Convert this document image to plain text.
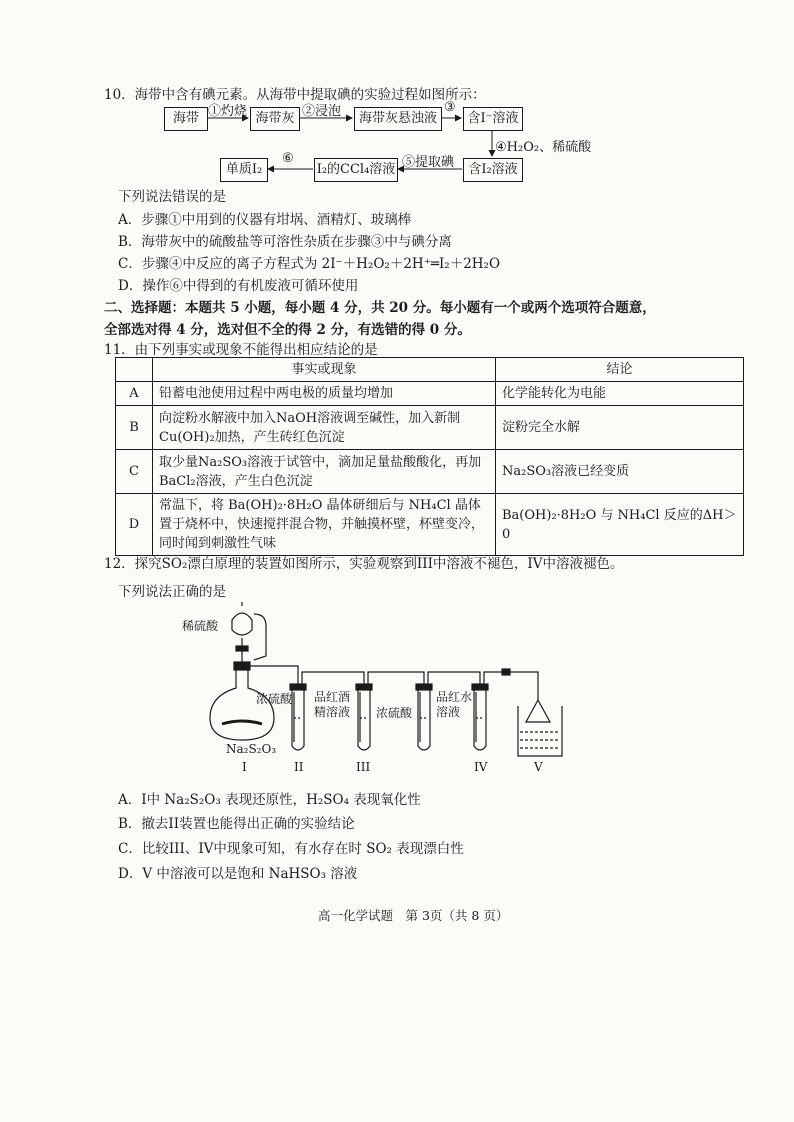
10．海带中含有碘元素。从海带中提取碘的实验过程如图所示：
海带 ①灼烧 海带灰 ②浸泡	海带灰悬浊液
③
含I⁻溶液
④H₂O₂、稀硫酸
含I₂溶液
⑤提取碘
I₂的CCl₄溶液
⑥
单质I₂
下列说法错误的是
A．步骤①中用到的仪器有坩埚、酒精灯、玻璃棒
B．海带灰中的硫酸盐等可溶性杂质在步骤③中与碘分离
C．步骤④中反应的离子方程式为 2I⁻＋H₂O₂＋2H⁺═I₂＋2H₂O
D．操作⑥中得到的有机废液可循环使用
二、选择题：本题共 5 小题，每小题 4 分，共 20 分。每小题有一个或两个选项符合题意，
全部选对得 4 分，选对但不全的得 2 分，有选错的得 0 分。
11．由下列事实或现象不能得出相应结论的是
	事实或现象	结论
A	铅蓄电池使用过程中两电极的质量均增加	化学能转化为电能
B	向淀粉水解液中加入NaOH溶液调至碱性，加入新制Cu(OH)₂加热，产生砖红色沉淀	淀粉完全水解
C	取少量Na₂SO₃溶液于试管中，滴加足量盐酸酸化，再加BaCl₂溶液，产生白色沉淀	Na₂SO₃溶液已经变质
D	常温下，将 Ba(OH)₂·8H₂O 晶体研细后与 NH₄Cl 晶体置于烧杯中，快速搅拌混合物，并触摸杯壁，杯壁变冷，同时闻到刺激性气味	Ba(OH)₂·8H₂O 与 NH₄Cl 反应的ΔH＞0
12．探究SO₂漂白原理的装置如图所示，实验观察到III中溶液不褪色，IV中溶液褪色。
下列说法正确的是
稀硫酸
Na₂S₂O₃
浓硫酸 品红酒精溶液	浓硫酸
品红水溶液
I	II	III	IV	V
A．I中 Na₂S₂O₃ 表现还原性，H₂SO₄ 表现氧化性
B．撤去II装置也能得出正确的实验结论
C．比较III、IV中现象可知，有水存在时 SO₂ 表现漂白性
D．V 中溶液可以是饱和 NaHSO₃ 溶液
高一化学试题　第 3页（共 8 页）
